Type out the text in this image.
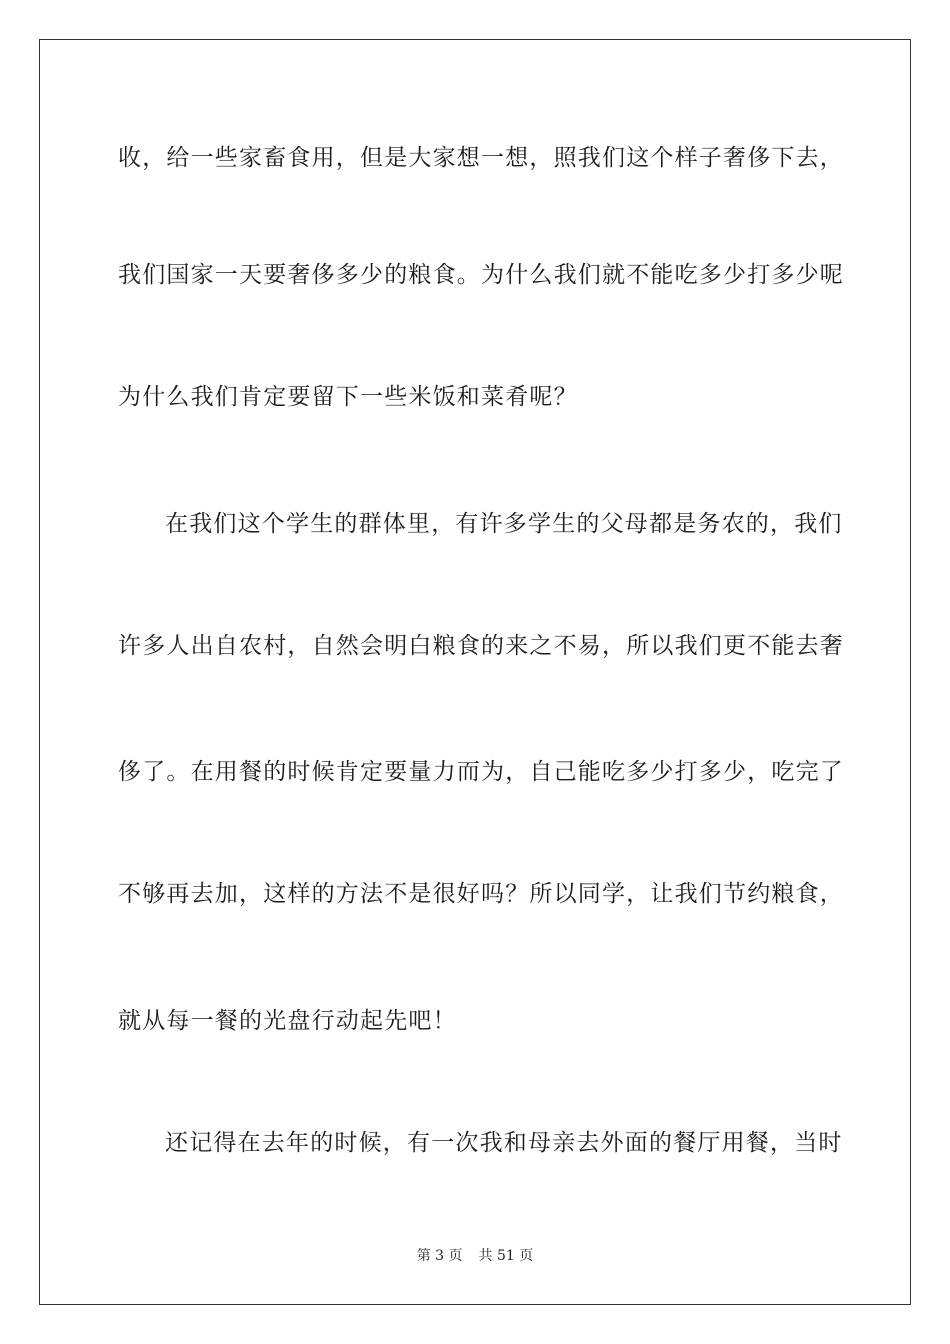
收，给一些家畜食用，但是大家想一想，照我们这个样子奢侈下去，
我们国家一天要奢侈多少的粮食。为什么我们就不能吃多少打多少呢
为什么我们肯定要留下一些米饭和菜肴呢？
在我们这个学生的群体里，有许多学生的父母都是务农的，我们
许多人出自农村，自然会明白粮食的来之不易，所以我们更不能去奢
侈了。在用餐的时候肯定要量力而为，自己能吃多少打多少，吃完了
不够再去加，这样的方法不是很好吗？所以同学，让我们节约粮食，
就从每一餐的光盘行动起先吧！
还记得在去年的时候，有一次我和母亲去外面的餐厅用餐，当时
第 3 页 共 51 页
